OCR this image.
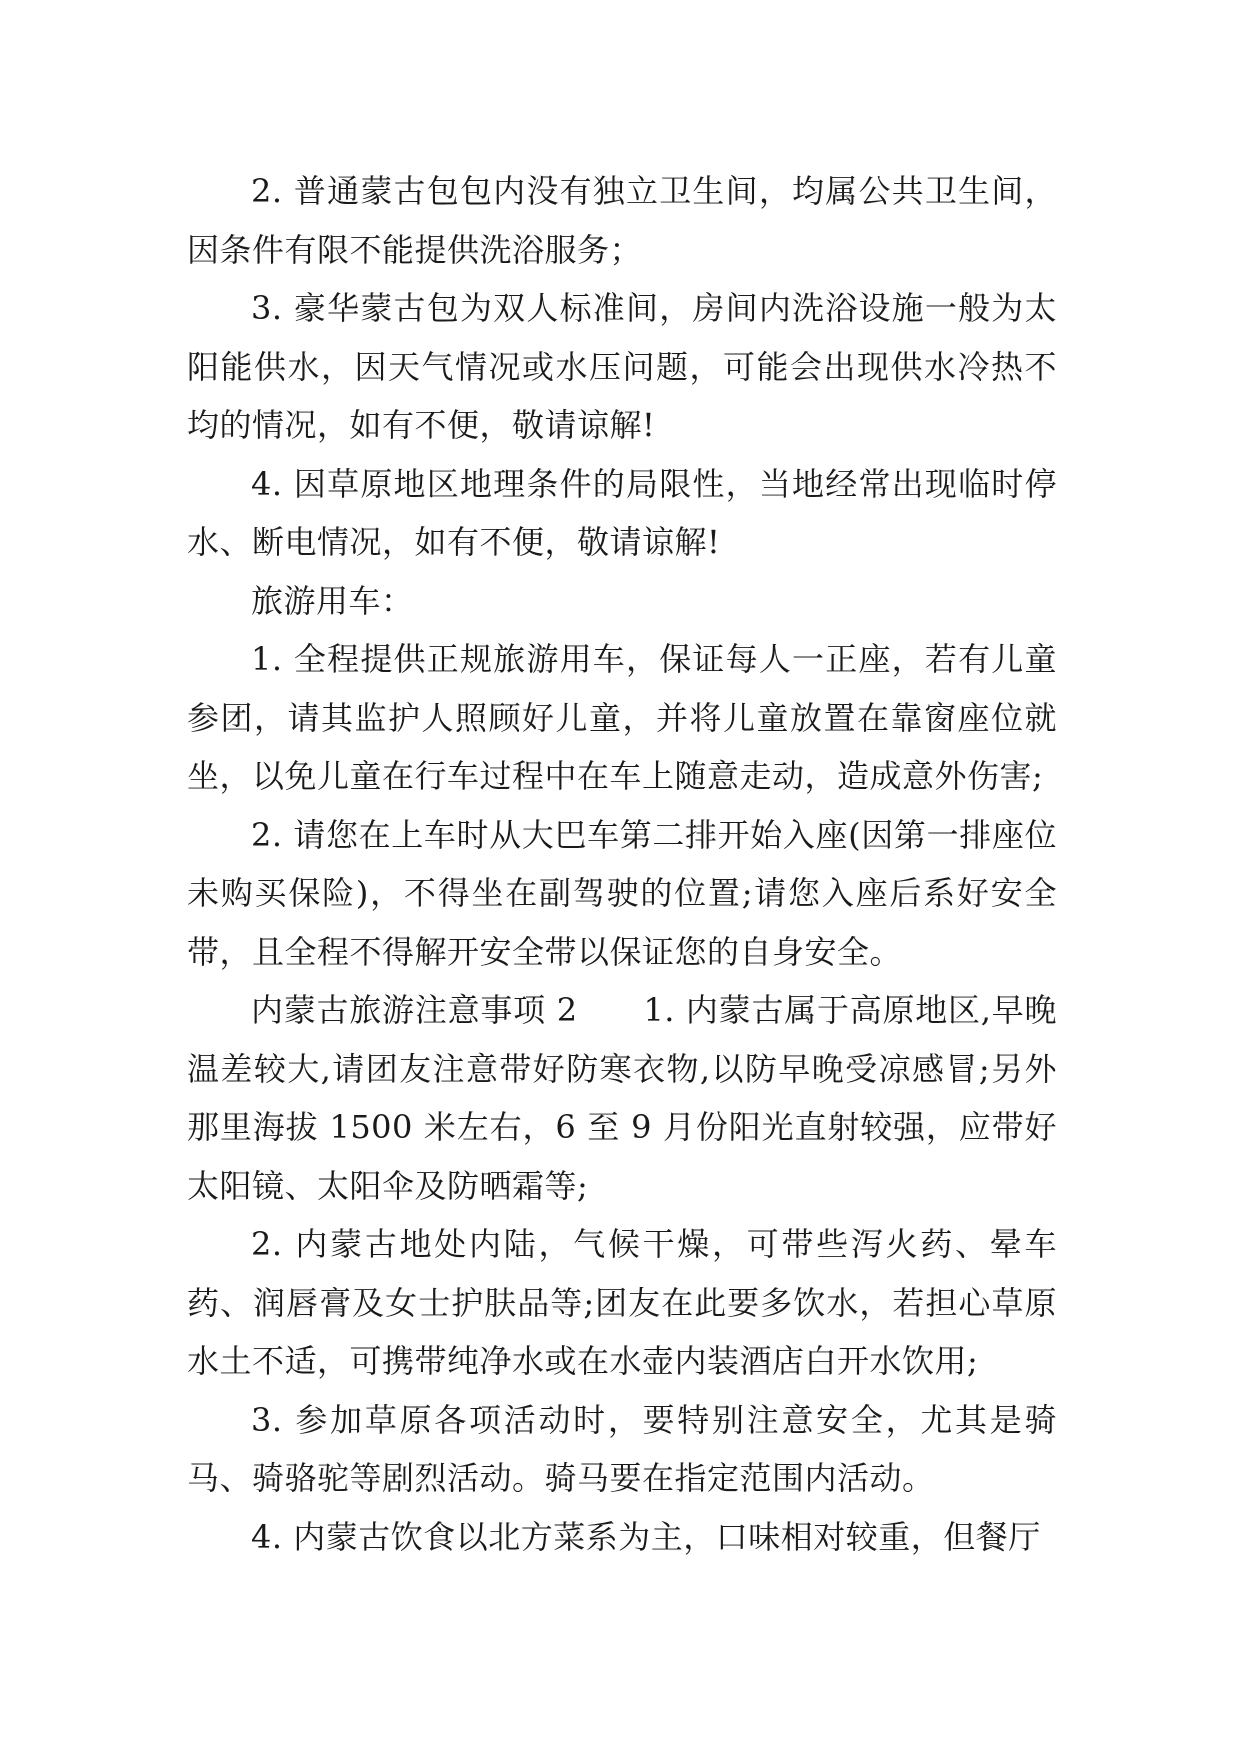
2. 普通蒙古包包内没有独立卫生间，均属公共卫生间，因条件有限不能提供洗浴服务；

3. 豪华蒙古包为双人标准间，房间内洗浴设施一般为太阳能供水，因天气情况或水压问题，可能会出现供水冷热不均的情况，如有不便，敬请谅解!

4. 因草原地区地理条件的局限性，当地经常出现临时停水、断电情况，如有不便，敬请谅解!

旅游用车：

1. 全程提供正规旅游用车，保证每人一正座，若有儿童参团，请其监护人照顾好儿童，并将儿童放置在靠窗座位就坐，以免儿童在行车过程中在车上随意走动，造成意外伤害;

2. 请您在上车时从大巴车第二排开始入座(因第一排座位未购买保险)，不得坐在副驾驶的位置;请您入座后系好安全带，且全程不得解开安全带以保证您的自身安全。

内蒙古旅游注意事项 2　　1. 内蒙古属于高原地区,早晚温差较大,请团友注意带好防寒衣物,以防早晚受凉感冒;另外那里海拔 1500 米左右，6 至 9 月份阳光直射较强，应带好太阳镜、太阳伞及防晒霜等;

2. 内蒙古地处内陆，气候干燥，可带些泻火药、晕车药、润唇膏及女士护肤品等;团友在此要多饮水，若担心草原水土不适，可携带纯净水或在水壶内装酒店白开水饮用;

3. 参加草原各项活动时，要特别注意安全，尤其是骑马、骑骆驼等剧烈活动。骑马要在指定范围内活动。

4. 内蒙古饮食以北方菜系为主，口味相对较重，但餐厅
